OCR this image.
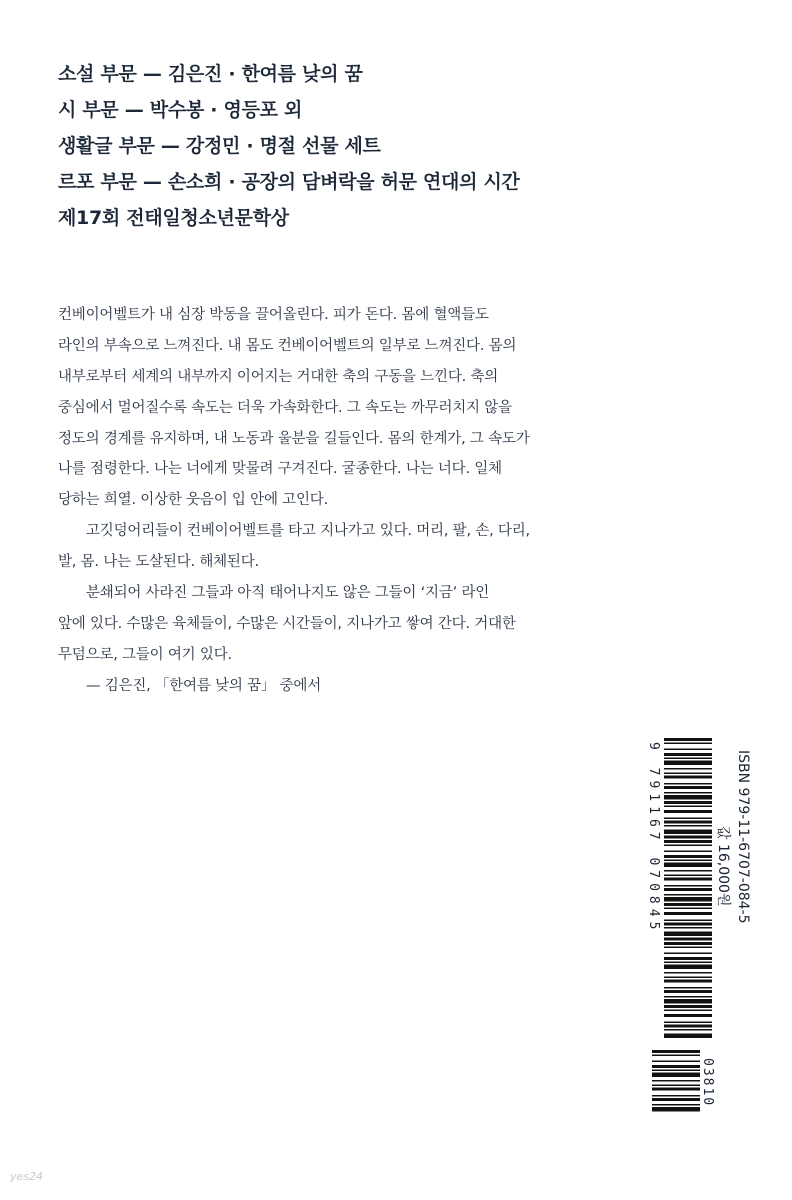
소설 부문 — 김은진 · 한여름 낮의 꿈
시 부문 — 박수봉 · 영등포 외
생활글 부문 — 강정민 · 명절 선물 세트
르포 부문 — 손소희 · 공장의 담벼락을 허문 연대의 시간
제17회 전태일청소년문학상
컨베이어벨트가 내 심장 박동을 끌어올린다. 피가 돈다. 몸에 혈액들도
라인의 부속으로 느껴진다. 내 몸도 컨베이어벨트의 일부로 느껴진다. 몸의
내부로부터 세계의 내부까지 이어지는 거대한 축의 구동을 느낀다. 축의
중심에서 멀어질수록 속도는 더욱 가속화한다. 그 속도는 까무러치지 않을
정도의 경계를 유지하며, 내 노동과 울분을 길들인다. 몸의 한계가, 그 속도가
나를 점령한다. 나는 너에게 맞물려 구겨진다. 굴종한다. 나는 너다. 일체
당하는 희열. 이상한 웃음이 입 안에 고인다.
고깃덩어리들이 컨베이어벨트를 타고 지나가고 있다. 머리, 팔, 손, 다리,
발, 몸. 나는 도살된다. 해체된다.
분쇄되어 사라진 그들과 아직 태어나지도 않은 그들이 ‘지금’ 라인
앞에 있다. 수많은 육체들이, 수많은 시간들이, 지나가고 쌓여 간다. 거대한
무덤으로, 그들이 여기 있다.
— 김은진, 「한여름 낮의 꿈」 중에서
ISBN 979-11-6707-084-5
값 16,000원
9 791167 070845
03810
yes24
